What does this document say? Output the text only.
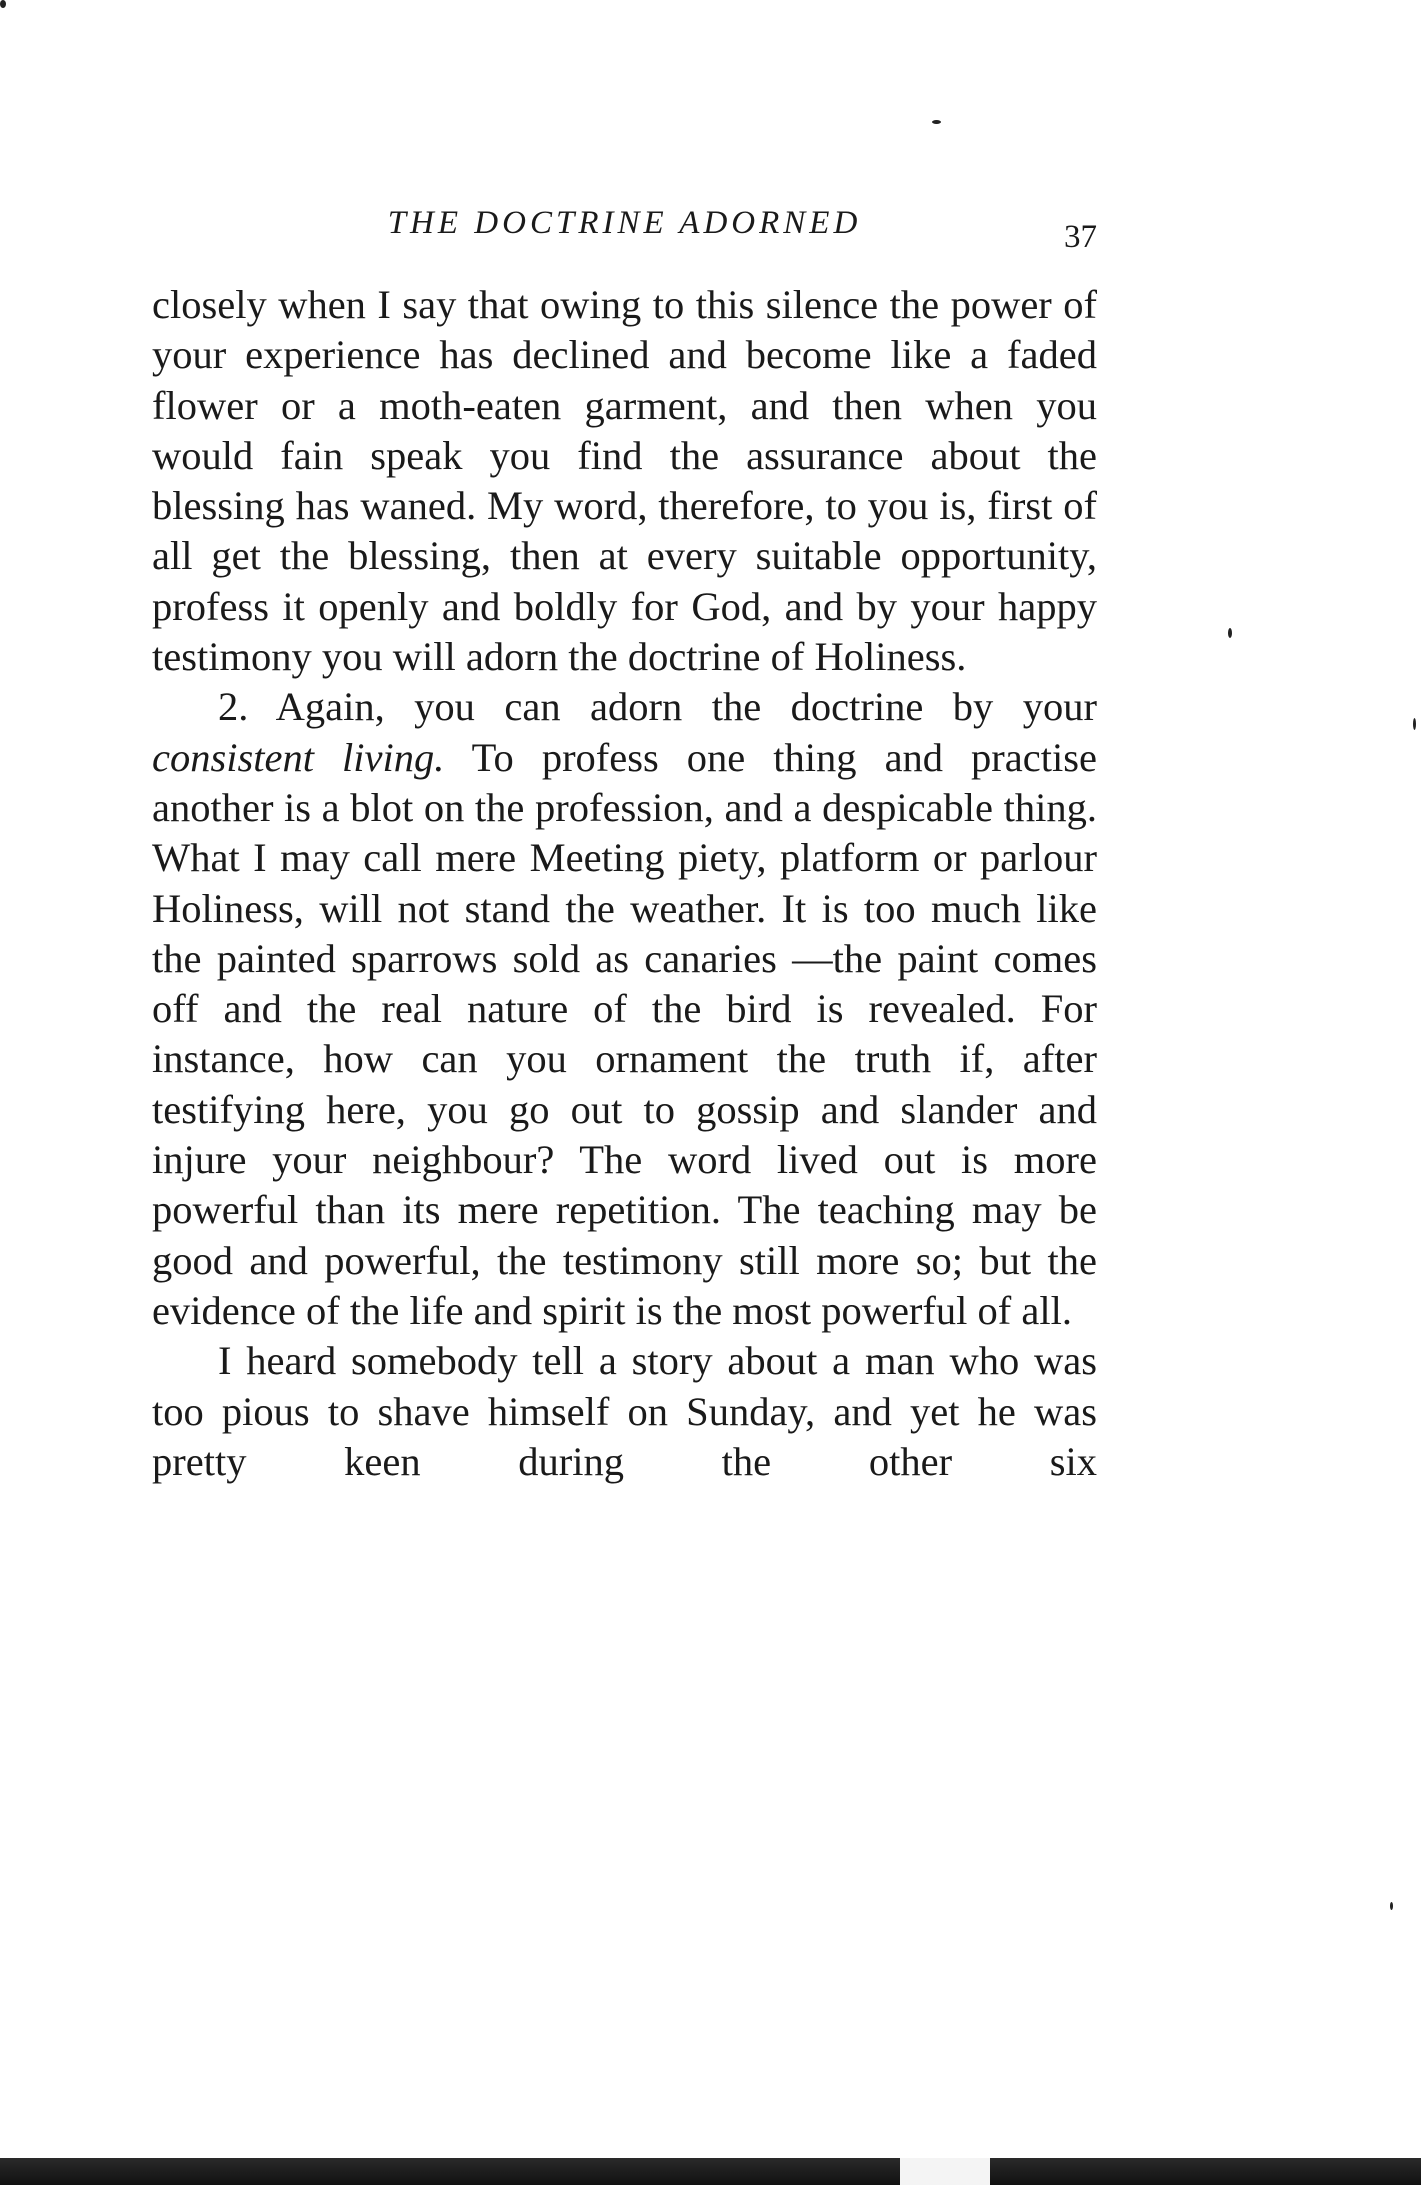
THE DOCTRINE ADORNED	37

closely when I say that owing to this silence the power of your experience has declined and become like a faded flower or a moth-eaten garment, and then when you would fain speak you find the assurance about the blessing has waned. My word, therefore, to you is, first of all get the blessing, then at every suitable opportunity, profess it openly and boldly for God, and by your happy testimony you will adorn the doctrine of Holiness.

2. Again, you can adorn the doctrine by your consistent living. To profess one thing and practise another is a blot on the profession, and a despicable thing. What I may call mere Meeting piety, platform or parlour Holiness, will not stand the weather. It is too much like the painted sparrows sold as canaries —the paint comes off and the real nature of the bird is revealed. For instance, how can you ornament the truth if, after testifying here, you go out to gossip and slander and injure your neighbour? The word lived out is more powerful than its mere repetition. The teaching may be good and powerful, the testimony still more so; but the evidence of the life and spirit is the most powerful of all.

I heard somebody tell a story about a man who was too pious to shave himself on Sunday, and yet he was pretty keen during the other six
